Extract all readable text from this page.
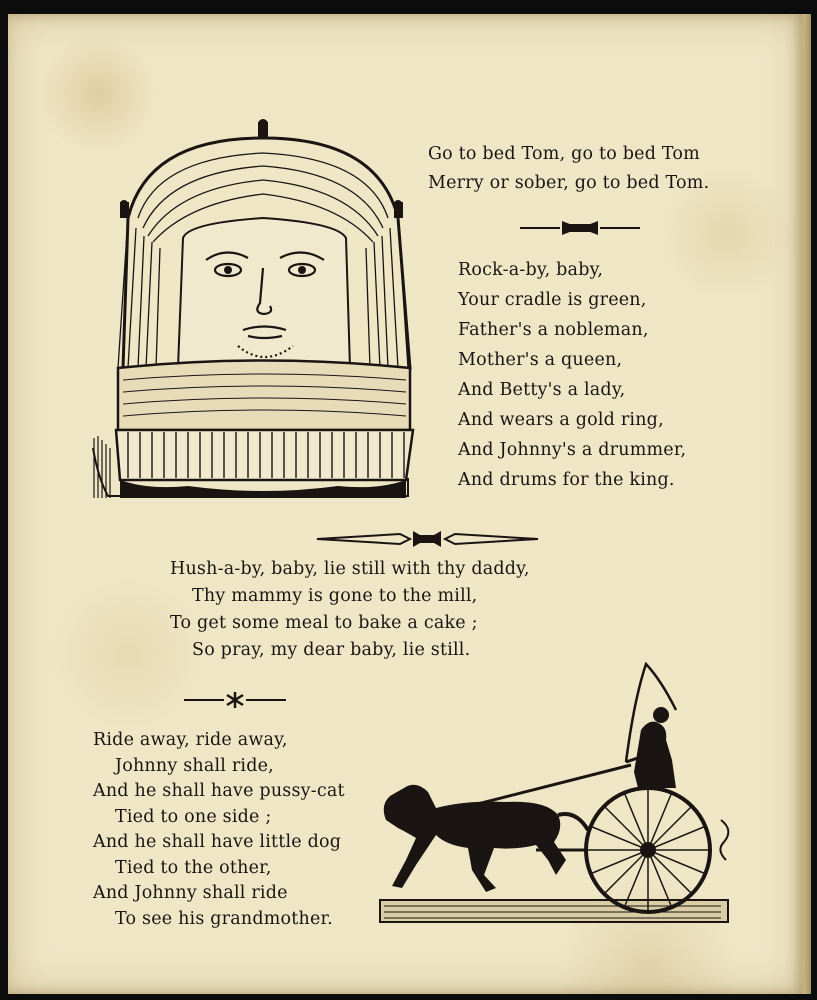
Go to bed Tom, go to bed Tom
Merry or sober, go to bed Tom.
Rock-a-by, baby,
Your cradle is green,
Father's a nobleman,
Mother's a queen,
And Betty's a lady,
And wears a gold ring,
And Johnny's a drummer,
And drums for the king.
Hush-a-by, baby, lie still with thy daddy,
Thy mammy is gone to the mill,
To get some meal to bake a cake ;
So pray, my dear baby, lie still.
Ride away, ride away,
Johnny shall ride,
And he shall have pussy-cat
Tied to one side ;
And he shall have little dog
Tied to the other,
And Johnny shall ride
To see his grandmother.
